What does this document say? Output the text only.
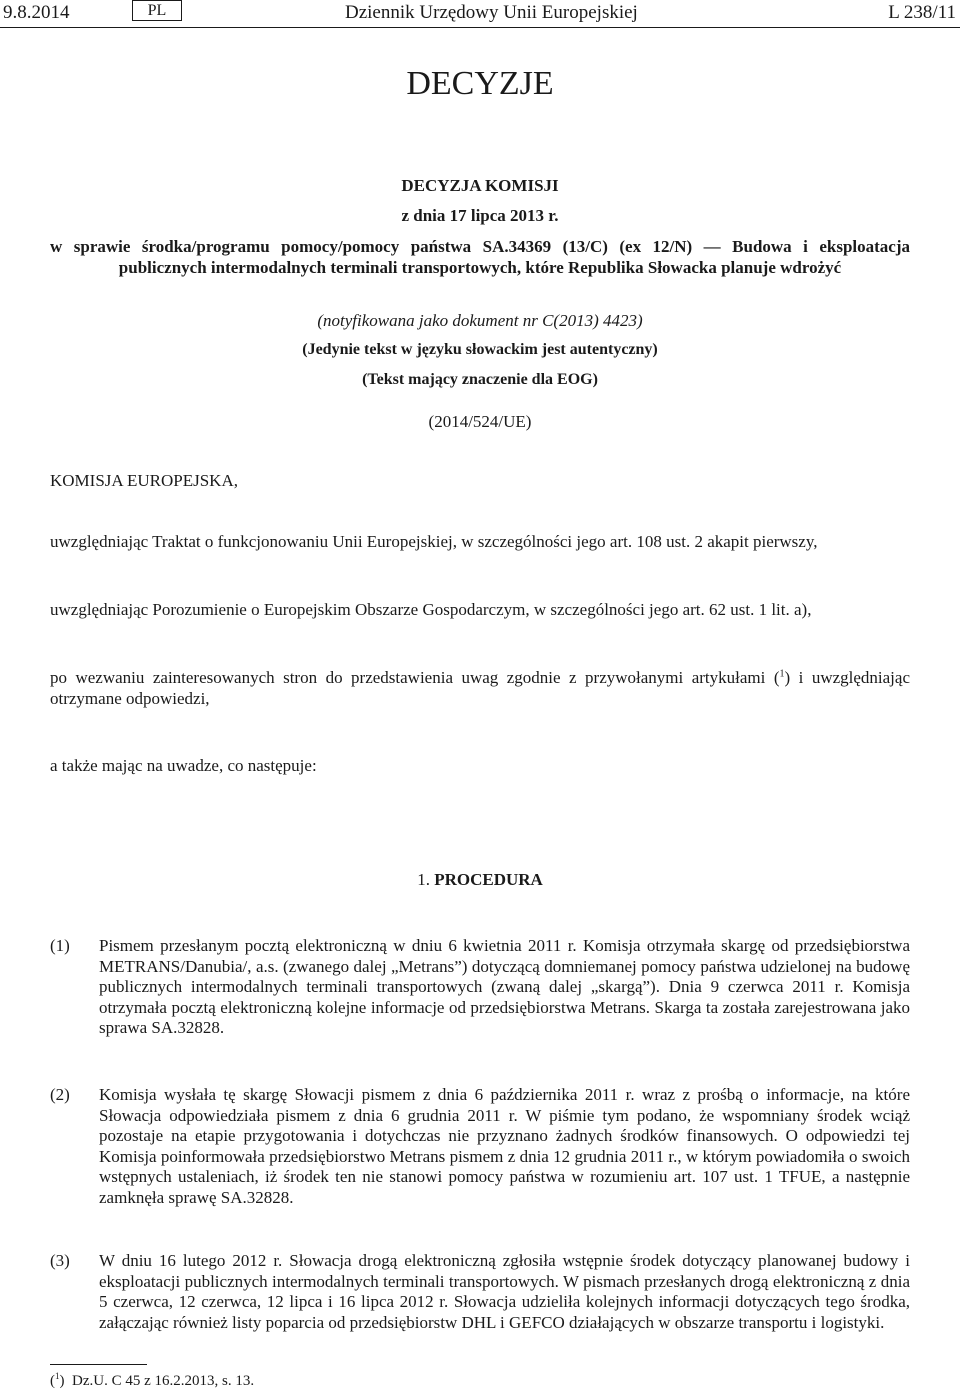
9.8.2014	PL	Dziennik Urzędowy Unii Europejskiej	L 238/11
DECYZJE
DECYZJA KOMISJI
z dnia 17 lipca 2013 r.
w sprawie środka/programu pomocy/pomocy państwa SA.34369 (13/C) (ex 12/N) — Budowa i eksploatacja publicznych intermodalnych terminali transportowych, które Republika Słowacka planuje wdrożyć
(notyfikowana jako dokument nr C(2013) 4423)
(Jedynie tekst w języku słowackim jest autentyczny)
(Tekst mający znaczenie dla EOG)
(2014/524/UE)
KOMISJA EUROPEJSKA,
uwzględniając Traktat o funkcjonowaniu Unii Europejskiej, w szczególności jego art. 108 ust. 2 akapit pierwszy,
uwzględniając Porozumienie o Europejskim Obszarze Gospodarczym, w szczególności jego art. 62 ust. 1 lit. a),
po wezwaniu zainteresowanych stron do przedstawienia uwag zgodnie z przywołanymi artykułami ($^1$) i uwzględniając otrzymane odpowiedzi,
a także mając na uwadze, co następuje:
1. PROCEDURA
(1) Pismem przesłanym pocztą elektroniczną w dniu 6 kwietnia 2011 r. Komisja otrzymała skargę od przedsiębiorstwa METRANS/Danubia/, a.s. (zwanego dalej „Metrans”) dotyczącą domniemanej pomocy państwa udzielonej na budowę publicznych intermodalnych terminali transportowych (zwaną dalej „skargą”). Dnia 9 czerwca 2011 r. Komisja otrzymała pocztą elektroniczną kolejne informacje od przedsiębiorstwa Metrans. Skarga ta została zarejestrowana jako sprawa SA.32828.
(2) Komisja wysłała tę skargę Słowacji pismem z dnia 6 października 2011 r. wraz z prośbą o informacje, na które Słowacja odpowiedziała pismem z dnia 6 grudnia 2011 r. W piśmie tym podano, że wspomniany środek wciąż pozostaje na etapie przygotowania i dotychczas nie przyznano żadnych środków finansowych. O odpowiedzi tej Komisja poinformowała przedsiębiorstwo Metrans pismem z dnia 12 grudnia 2011 r., w którym powiadomiła o swoich wstępnych ustaleniach, iż środek ten nie stanowi pomocy państwa w rozumieniu art. 107 ust. 1 TFUE, a następnie zamknęła sprawę SA.32828.
(3) W dniu 16 lutego 2012 r. Słowacja drogą elektroniczną zgłosiła wstępnie środek dotyczący planowanej budowy i eksploatacji publicznych intermodalnych terminali transportowych. W pismach przesłanych drogą elektroniczną z dnia 5 czerwca, 12 czerwca, 12 lipca i 16 lipca 2012 r. Słowacja udzieliła kolejnych informacji dotyczących tego środka, załączając również listy poparcia od przedsiębiorstw DHL i GEFCO działających w obszarze transportu i logistyki.
($^1$)  Dz.U. C 45 z 16.2.2013, s. 13.
